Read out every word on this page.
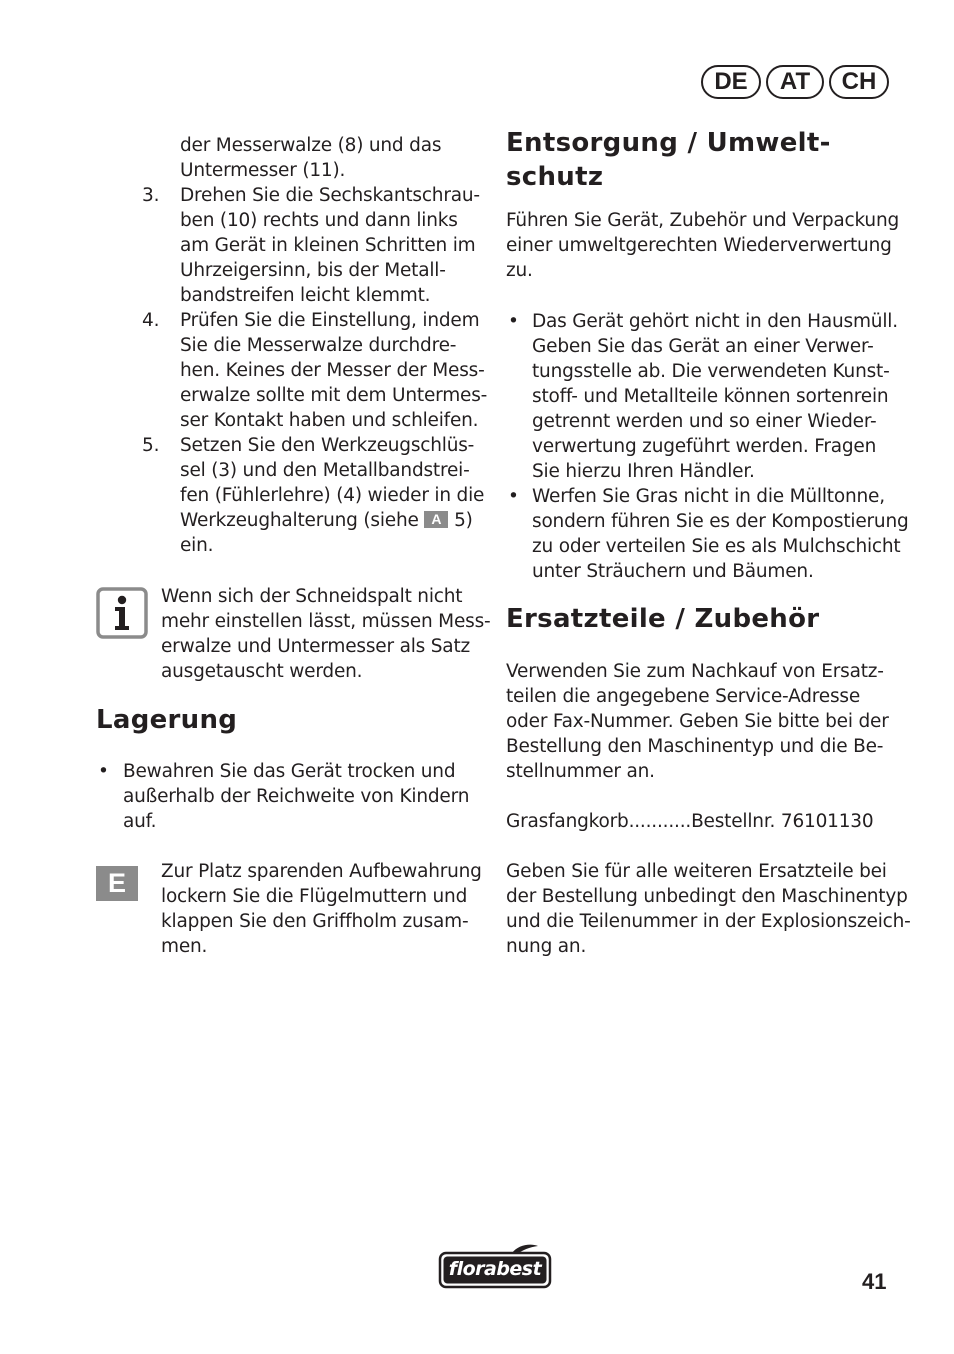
DE	AT	CH
der Messerwalze (8) und das
Untermesser (11).
3. Drehen Sie die Sechskantschrau-
ben (10) rechts und dann links
am Gerät in kleinen Schritten im
Uhrzeigersinn, bis der Metall-
bandstreifen leicht klemmt.
4. Prüfen Sie die Einstellung, indem
Sie die Messerwalze durchdre-
hen. Keines der Messer der Mess-
erwalze sollte mit dem Untermes-
ser Kontakt haben und schleifen.
5. Setzen Sie den Werkzeugschlüs-
sel (3) und den Metallbandstrei-
fen (Fühlerlehre) (4) wieder in die
Werkzeughalterung (siehe A 5)
ein.
Wenn sich der Schneidspalt nicht
mehr einstellen lässt, müssen Mess-
erwalze und Untermesser als Satz
ausgetauscht werden.
Lagerung
• Bewahren Sie das Gerät trocken und
außerhalb der Reichweite von Kindern
auf.
E	Zur Platz sparenden Aufbewahrung
lockern Sie die Flügelmuttern und
klappen Sie den Griffholm zusam-
men.
Entsorgung / Umwelt-
schutz
Führen Sie Gerät, Zubehör und Verpackung
einer umweltgerechten Wiederverwertung
zu.
• Das Gerät gehört nicht in den Hausmüll.
Geben Sie das Gerät an einer Verwer-
tungsstelle ab. Die verwendeten Kunst-
stoff- und Metallteile können sortenrein
getrennt werden und so einer Wieder-
verwertung zugeführt werden. Fragen
Sie hierzu Ihren Händler.
• Werfen Sie Gras nicht in die Mülltonne,
sondern führen Sie es der Kompostierung
zu oder verteilen Sie es als Mulchschicht
unter Sträuchern und Bäumen.
Ersatzteile / Zubehör
Verwenden Sie zum Nachkauf von Ersatz-
teilen die angegebene Service-Adresse
oder Fax-Nummer. Geben Sie bitte bei der
Bestellung den Maschinentyp und die Be-
stellnummer an.
Grasfangkorb...........Bestellnr. 76101130
Geben Sie für alle weiteren Ersatzteile bei
der Bestellung unbedingt den Maschinentyp
und die Teilenummer in der Explosionszeich-
nung an.
florabest	41
